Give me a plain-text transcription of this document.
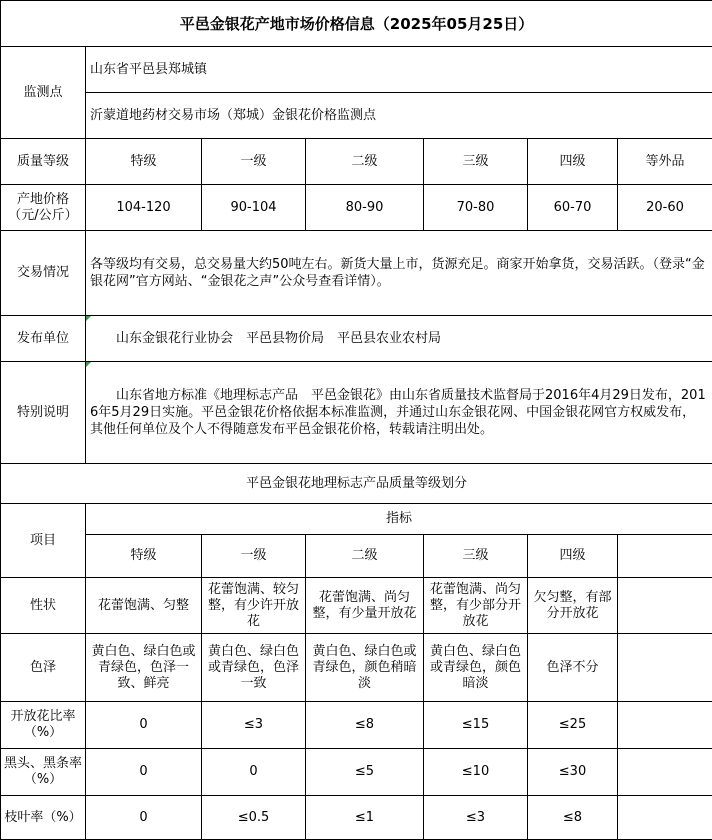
平邑金银花产地市场价格信息（2025年05月25日）						
监测点	山东省平邑县郑城镇					
	沂蒙道地药材交易市场（郑城）金银花价格监测点					
质量等级	特级	一级	二级	三级	四级	等外品
产地价格（元/公斤）	104-120	90-104	80-90	70-80	60-70	20-60
交易情况	各等级均有交易，总交易量大约50吨左右。新货大量上市，货源充足。商家开始拿货，交易活跃。（登录“金银花网”官方网站、“金银花之声”公众号查看详情）。					
发布单位	山东金银花行业协会　平邑县物价局　平邑县农业农村局					
特别说明	山东省地方标准《地理标志产品　平邑金银花》由山东省质量技术监督局于2016年4月29日发布，2016年5月29日实施。平邑金银花价格依据本标准监测，并通过山东金银花网、中国金银花网官方权威发布，其他任何单位及个人不得随意发布平邑金银花价格，转载请注明出处。					
平邑金银花地理标志产品质量等级划分						
项目	指标					
	特级	一级	二级	三级	四级	
性状	花蕾饱满、匀整	花蕾饱满、较匀整，有少许开放花	花蕾饱满、尚匀整，有少量开放花	花蕾饱满、尚匀整，有少部分开放花	欠匀整，有部分开放花	
色泽	黄白色、绿白色或青绿色，色泽一致、鲜亮	黄白色、绿白色或青绿色，色泽一致	黄白色、绿白色或青绿色，颜色稍暗淡	黄白色、绿白色或青绿色，颜色暗淡	色泽不分	
开放花比率（%）	0	≤3	≤8	≤15	≤25	
黑头、黑条率（%）	0	0	≤5	≤10	≤30	
枝叶率（%）	0	≤0.5	≤1	≤3	≤8	
